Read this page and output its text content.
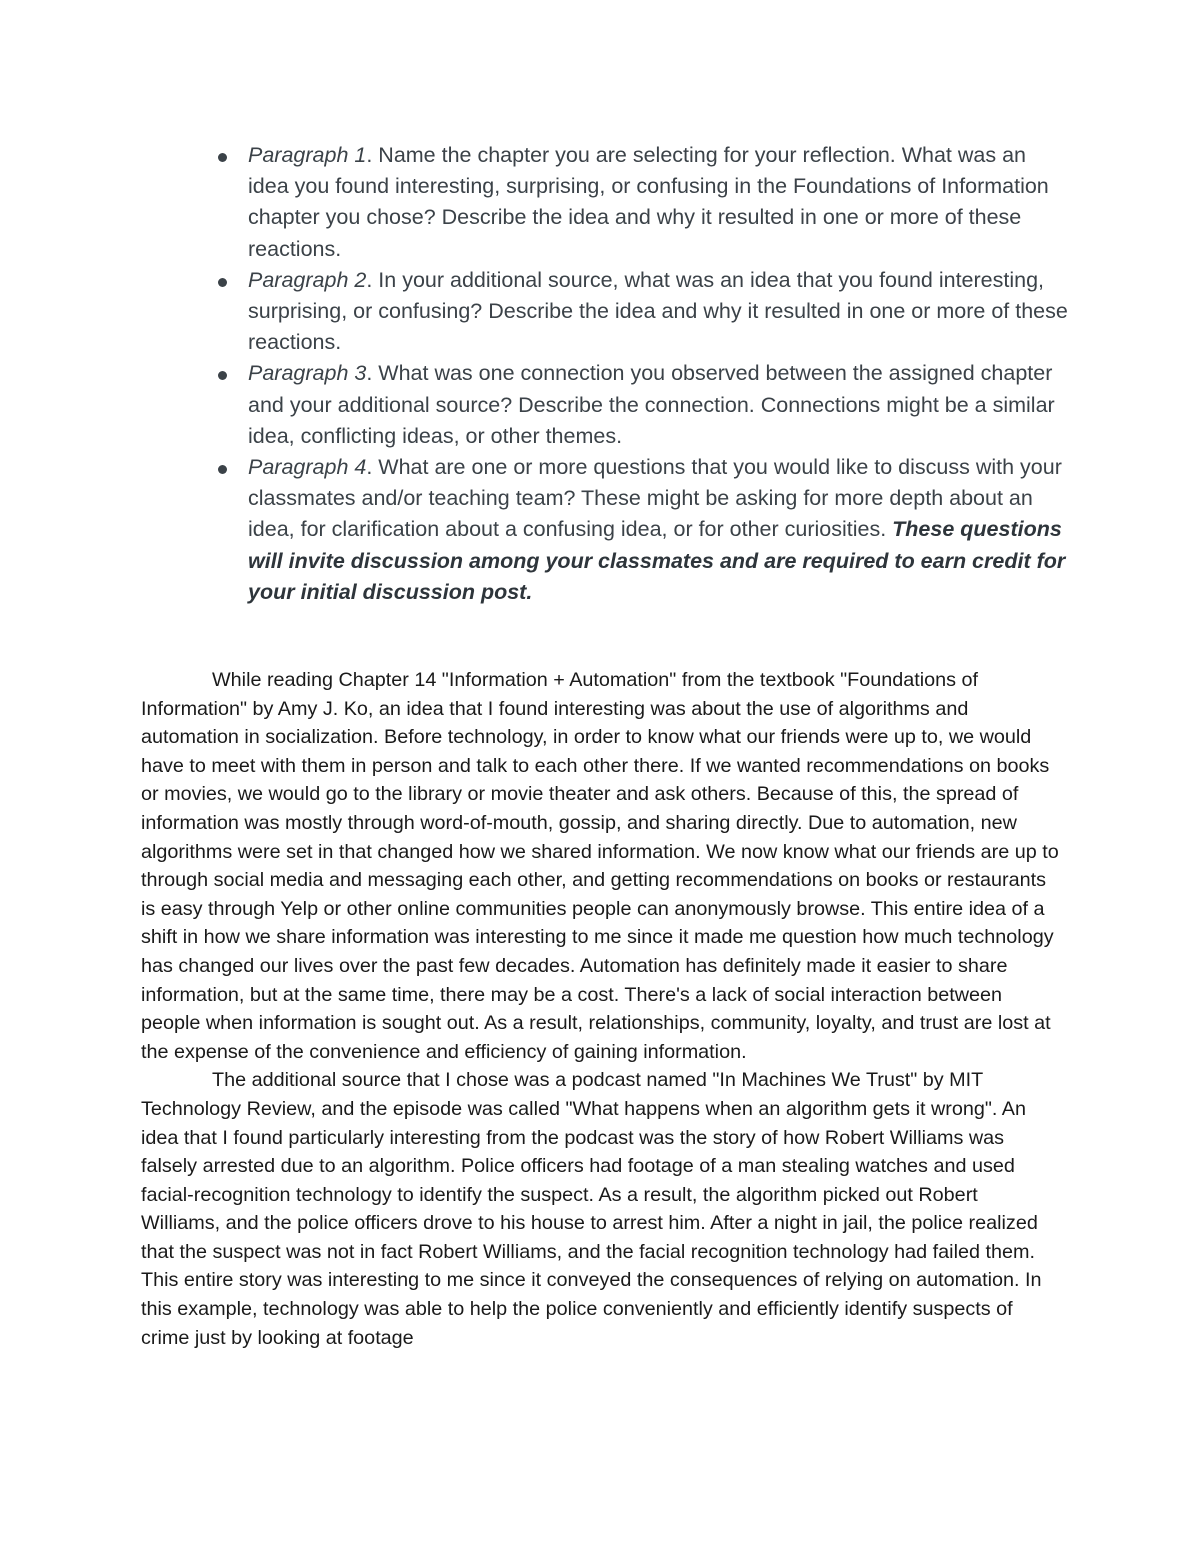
Paragraph 1. Name the chapter you are selecting for your reflection. What was an idea you found interesting, surprising, or confusing in the Foundations of Information chapter you chose? Describe the idea and why it resulted in one or more of these reactions.
Paragraph 2. In your additional source, what was an idea that you found interesting, surprising, or confusing? Describe the idea and why it resulted in one or more of these reactions.
Paragraph 3. What was one connection you observed between the assigned chapter and your additional source? Describe the connection. Connections might be a similar idea, conflicting ideas, or other themes.
Paragraph 4. What are one or more questions that you would like to discuss with your classmates and/or teaching team? These might be asking for more depth about an idea, for clarification about a confusing idea, or for other curiosities. These questions will invite discussion among your classmates and are required to earn credit for your initial discussion post.

While reading Chapter 14 "Information + Automation" from the textbook "Foundations of Information" by Amy J. Ko, an idea that I found interesting was about the use of algorithms and automation in socialization. Before technology, in order to know what our friends were up to, we would have to meet with them in person and talk to each other there. If we wanted recommendations on books or movies, we would go to the library or movie theater and ask others. Because of this, the spread of information was mostly through word-of-mouth, gossip, and sharing directly. Due to automation, new algorithms were set in that changed how we shared information. We now know what our friends are up to through social media and messaging each other, and getting recommendations on books or restaurants is easy through Yelp or other online communities people can anonymously browse. This entire idea of a shift in how we share information was interesting to me since it made me question how much technology has changed our lives over the past few decades. Automation has definitely made it easier to share information, but at the same time, there may be a cost. There's a lack of social interaction between people when information is sought out. As a result, relationships, community, loyalty, and trust are lost at the expense of the convenience and efficiency of gaining information.

The additional source that I chose was a podcast named "In Machines We Trust" by MIT Technology Review, and the episode was called "What happens when an algorithm gets it wrong". An idea that I found particularly interesting from the podcast was the story of how Robert Williams was falsely arrested due to an algorithm. Police officers had footage of a man stealing watches and used facial-recognition technology to identify the suspect. As a result, the algorithm picked out Robert Williams, and the police officers drove to his house to arrest him. After a night in jail, the police realized that the suspect was not in fact Robert Williams, and the facial recognition technology had failed them. This entire story was interesting to me since it conveyed the consequences of relying on automation. In this example, technology was able to help the police conveniently and efficiently identify suspects of crime just by looking at footage
